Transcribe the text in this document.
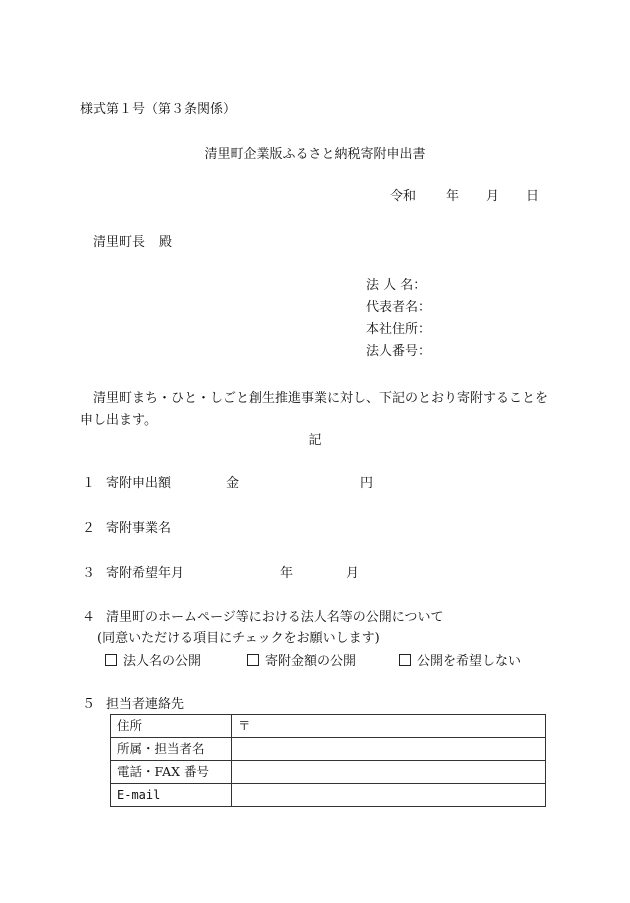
様式第１号（第３条関係）
清里町企業版ふるさと納税寄附申出書
令和 年 月 日
清里町長 殿
法 人 名：
代表者名：
本社住所：
法人番号：
清里町まち・ひと・しごと創生推進事業に対し、下記のとおり寄附することを申し出ます。
記
１ 寄附申出額	金	円
２ 寄附事業名
３ 寄附希望年月	年	月
４ 清里町のホームページ等における法人名等の公開について
(同意いただける項目にチェックをお願いします)
法人名の公開	寄附金額の公開	公開を希望しない
５ 担当者連絡先
住所	〒
所属・担当者名	
電話・FAX 番号	
E-mail	
